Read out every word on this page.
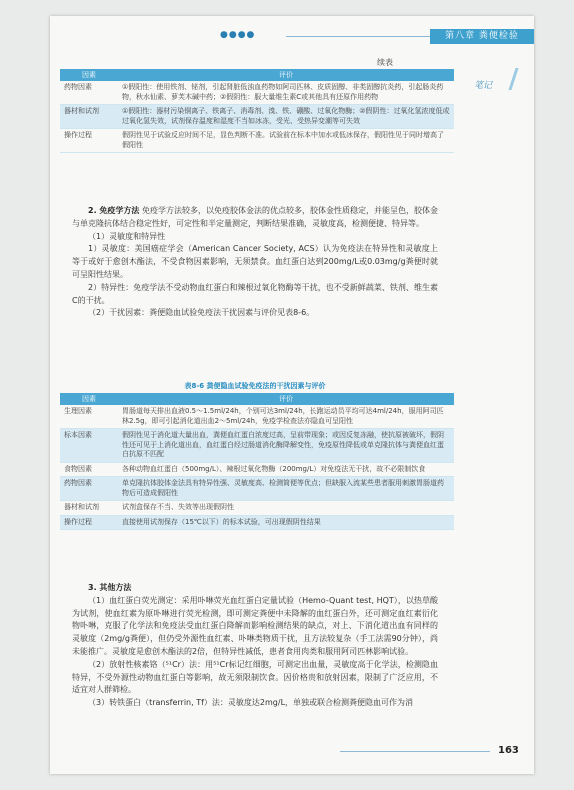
●●●●	第八章 粪便检验
续表
笔记
因素	评价
药物因素	①假阳性：使用铁剂、铋剂，引起肾脏低浊血药物如阿司匹林、皮质固醇、非类固醇抗炎药，引起肠炎药物，秋水仙素、萝芙木碱中药；②假阴性：服大量维生素C或其他具有还原作用药物
器材和试剂	①假阳性：器材污染铜离子、铁离子、消毒剂、溴、铁、硼酸、过氧化物酶；②假阴性：过氧化氢浓度低或过氧化氢失效，试剂保存温度和湿度不当如冰冻，受光、受热异变潮等可失效
操作过程	假阴性见于试验反应时间不足，显色判断不准。试验前在标本中加水或低冰保存，假阳性见于同时增高了假阳性

2. 免疫学方法 免疫学方法较多，以免疫胶体金法的优点较多，胶体金性质稳定，并能呈色，胶体金与单克隆抗体结合稳定性好，可定性和半定量测定，判断结果准确，灵敏度高，检测便捷、特异等。

（1）灵敏度和特异性

1）灵敏度：美国癌症学会（American Cancer Society, ACS）认为免疫法在特异性和灵敏度上等于或好于愈创木酯法，不受食物因素影响，无须禁食。血红蛋白达到200mg/L或0.03mg/g粪便时就可呈阳性结果。

2）特异性：免疫学法不受动物血红蛋白和辣根过氧化物酶等干扰，也不受新鲜蔬菜、铁剂、维生素C的干扰。

（2）干扰因素：粪便隐血试验免疫法干扰因素与评价见表8-6。

表8-6 粪便隐血试验免疫法的干扰因素与评价
因素	评价
生理因素	胃肠道每天排出血液0.5～1.5ml/24h，个别可达3ml/24h，长跑运动员平均可达4ml/24h，服用阿司匹林2.5g，即可引起消化道出血2～5ml/24h，免疫学检查法亦隐血可呈阳性
标本因素	假阴性见于消化道大量出血，粪便血红蛋白浓度过高，呈前带现象；或因反复冻融，使抗原被破坏，假阴性还可见于上消化道出血，血红蛋白经过肠道消化酶降解变性，免疫原性降低或单克隆抗体与粪便血红蛋白抗原不匹配
食物因素	各种动物血红蛋白（500mg/L）、辣根过氧化物酶（200mg/L）对免疫法无干扰，故不必限制饮食
药物因素	单克隆抗体胶体金法具有特异性强、灵敏度高、检测简便等优点；但缺服入流某些患者服用刺激胃肠道药物后可造成假阳性
器材和试剂	试剂盒保存不当、失效等出现假阴性
操作过程	直接使用试剂保存（15℃以下）的标本试验，可出现假阴性结果

3. 其他方法

（1）血红蛋白荧光测定：采用卟啉荧光血红蛋白定量试验（Hemo-Quant test, HQT），以热草酸为试剂，使血红素为原卟啉进行荧光检测，即可测定粪便中未降解的血红蛋白外，还可测定血红素衍化物卟啉，克服了化学法和免疫法受血红蛋白降解而影响检测结果的缺点，对上、下消化道出血有同样的灵敏度（2mg/g粪便），但仍受外源性血红素、卟啉类物质干扰，且方法较复杂（手工法需90分钟），尚未能推广。灵敏度是愈创木酯法的2倍，但特异性减低，患者食用肉类和服用阿司匹林影响试验。

（2）放射性核素铬（⁵¹Cr）法：用⁵¹Cr标记红细胞，可测定出血量，灵敏度高于化学法，检测隐血特异，不受外源性动物血红蛋白等影响，故无须限制饮食。因价格贵和放射因素，限制了广泛应用，不适宜对人群筛检。

（3）转铁蛋白（transferrin, Tf）法：灵敏度达2mg/L，单独或联合检测粪便隐血可作为消

163
